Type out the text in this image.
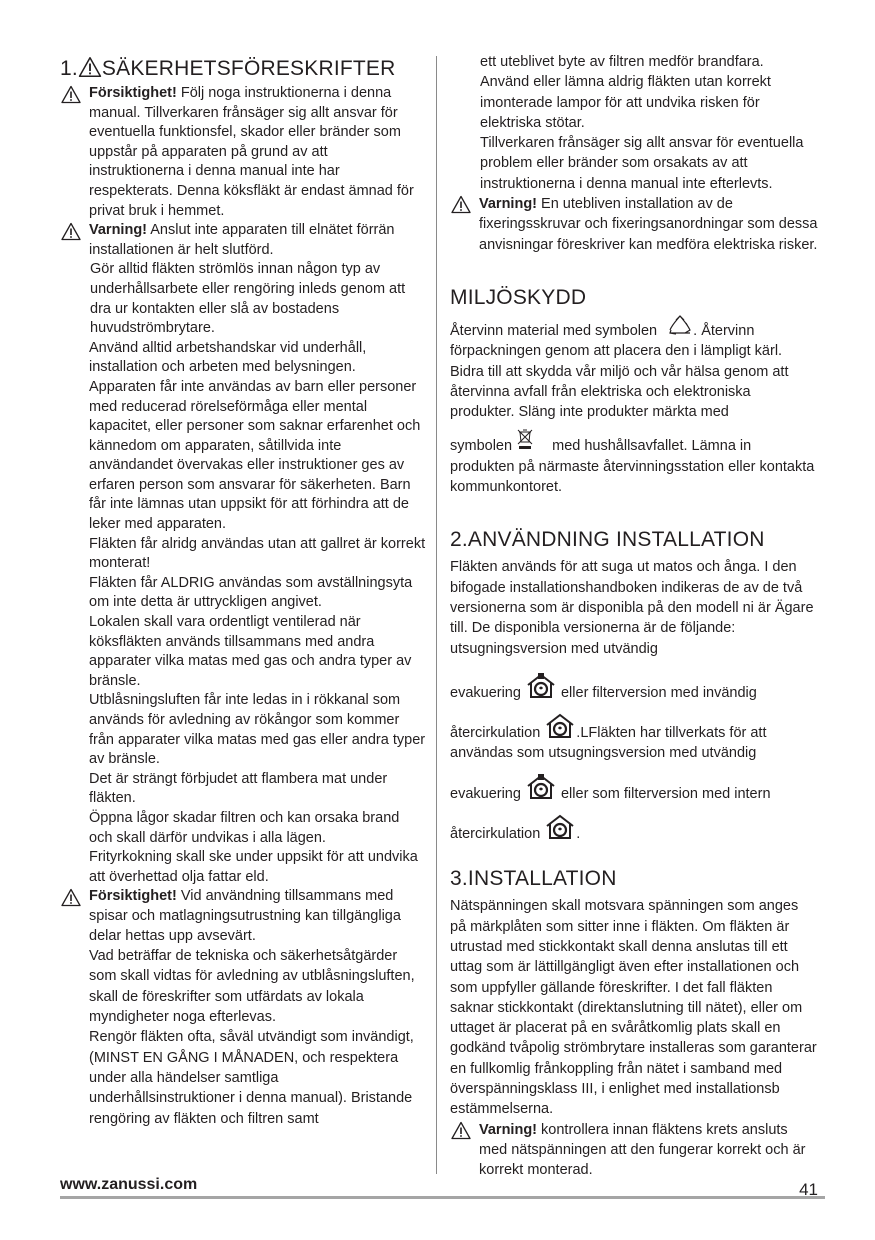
1. SÄKERHETSFÖRESKRIFTER

Försiktighet! Följ noga instruktionerna i denna manual. Tillverkaren frånsäger sig allt ansvar för eventuella funktionsfel, skador eller bränder som uppstår på apparaten på grund av att instruktionerna i denna manual inte har respekterats. Denna köksfläkt är endast ämnad för privat bruk i hemmet.

Varning! Anslut inte apparaten till elnätet förrän installationen är helt slutförd.

Gör alltid fläkten strömlös innan någon typ av underhållsarbete eller rengöring inleds genom att dra ur kontakten eller slå av bostadens huvudströmbrytare.

Använd alltid arbetshandskar vid underhåll, installation och arbeten med belysningen.

Apparaten får inte användas av barn eller personer med reducerad rörelseförmåga eller mental kapacitet, eller personer som saknar erfarenhet och kännedom om apparaten, såtillvida inte användandet övervakas eller instruktioner ges av erfaren person som ansvarar för säkerheten. Barn får inte lämnas utan uppsikt för att förhindra att de leker med apparaten.

Fläkten får alridg användas utan att gallret är korrekt monterat!

Fläkten får ALDRIG användas som avställningsyta om inte detta är uttryckligen angivet.

Lokalen skall vara ordentligt ventilerad när köksfläkten används tillsammans med andra apparater vilka matas med gas och andra typer av bränsle.

Utblåsningsluften får inte ledas in i rökkanal som används för avledning av rökångor som kommer från apparater vilka matas med gas eller andra typer av bränsle.

Det är strängt förbjudet att flambera mat under fläkten.

Öppna lågor skadar filtren och kan orsaka brand och skall därför undvikas i alla lägen.

Frityrkokning skall ske under uppsikt för att undvika att överhettad olja fattar eld.

Försiktighet! Vid användning tillsammans med spisar och matlagningsutrustning kan tillgängliga delar hettas upp avsevärt.

Vad beträffar de tekniska och säkerhetsåtgärder som skall vidtas för avledning av utblåsningsluften, skall de föreskrifter som utfärdats av lokala myndigheter noga efterlevas.

Rengör fläkten ofta, såväl utvändigt som invändigt, (MINST EN GÅNG I MÅNADEN, och respektera under alla händelser samtliga underhållsinstruktioner i denna manual). Bristande rengöring av fläkten och filtren samt

ett uteblivet byte av filtren medför brandfara.

Använd eller lämna aldrig fläkten utan korrekt imonterade lampor för att undvika risken för elektriska stötar.

Tillverkaren frånsäger sig allt ansvar för eventuella problem eller bränder som orsakats av att instruktionerna i denna manual inte efterlevts.

Varning! En utebliven installation av de fixeringsskruvar och fixeringsanordningar som dessa anvisningar föreskriver kan medföra elektriska risker.

MILJÖSKYDD

Återvinn material med symbolen . Återvinn förpackningen genom att placera den i lämpligt kärl. Bidra till att skydda vår miljö och vår hälsa genom att återvinna avfall från elektriska och elektroniska produkter. Släng inte produkter märkta med

symbolen  med hushållsavfallet. Lämna in produkten på närmaste återvinningsstation eller kontakta kommunkontoret.

2.ANVÄNDNING INSTALLATION

Fläkten används för att suga ut matos och ånga. I den bifogade installationshandboken indikeras de av de två versionerna som är disponibla på den modell ni är Ägare till. De disponibla versionerna är de följande: utsugningsversion med utvändig

evakuering  eller filterversion med invändig

återcirkulation .LFläkten har tillverkats för att användas som utsugningsversion med utvändig

evakuering  eller som filterversion med intern

återcirkulation .

3.INSTALLATION

Nätspänningen skall motsvara spänningen som anges på märkplåten som sitter inne i fläkten. Om fläkten är utrustad med stickkontakt skall denna anslutas till ett uttag som är lättillgängligt även efter installationen och som uppfyller gällande föreskrifter. I det fall fläkten saknar stickkontakt (direktanslutning till nätet), eller om uttaget är placerat på en svåråtkomlig plats skall en godkänd tvåpolig strömbrytare installeras som garanterar en fullkomlig frånkoppling från nätet i samband med överspänningsklass III, i enlighet med installationsb estämmelserna.

Varning! kontrollera innan fläktens krets ansluts med nätspänningen att den fungerar korrekt och är korrekt monterad.

www.zanussi.com	41
